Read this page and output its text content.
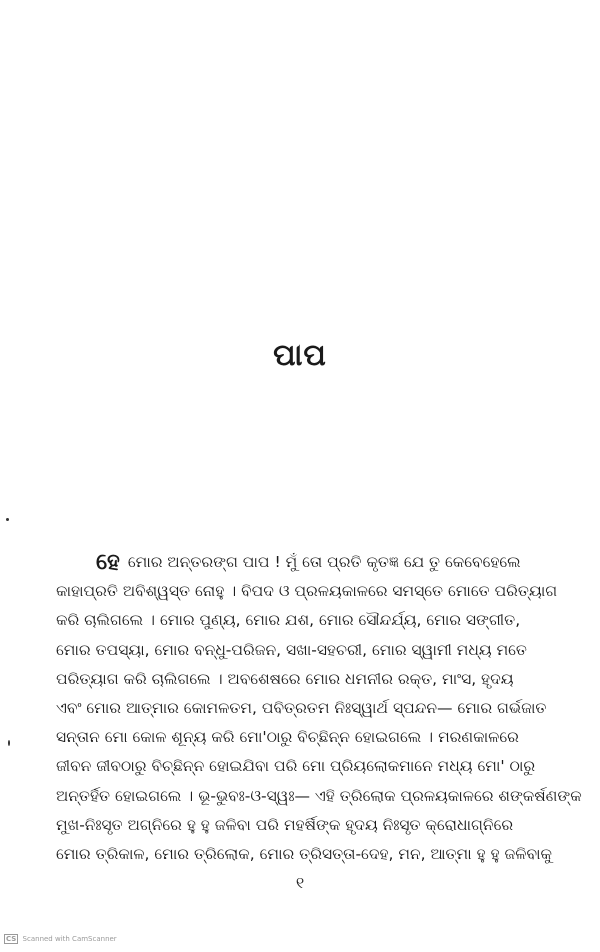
ପାପ
ହେ ମୋର ଅନ୍ତରଙ୍ଗ ପାପ ! ମୁଁ ତୋ ପ୍ରତି କୃତଜ୍ଞ ଯେ ତୁ କେବେହେଲେ
କାହାପ୍ରତି ଅବିଶ୍ୱସ୍ତ ନୋହୁ । ବିପଦ ଓ ପ୍ରଳୟକାଳରେ ସମସ୍ତେ ମୋତେ ପରିତ୍ୟାଗ
କରି ଚାଲିଗଲେ । ମୋର ପୁଣ୍ୟ, ମୋର ଯଶ, ମୋର ସୌନ୍ଦର୍ଯ୍ୟ, ମୋର ସଙ୍ଗୀତ,
ମୋର ତପସ୍ୟା, ମୋର ବନ୍ଧୁ-ପରିଜନ, ସଖା-ସହଚରୀ, ମୋର ସ୍ୱାମୀ ମଧ୍ୟ ମତେ
ପରିତ୍ୟାଗ କରି ଚାଲିଗଲେ । ଅବଶେଷରେ ମୋର ଧମନୀର ରକ୍ତ, ମାଂସ, ହୃଦୟ
ଏବଂ ମୋର ଆତ୍ମାର କୋମଳତମ, ପବିତ୍ରତମ ନିଃସ୍ୱାର୍ଥ ସ୍ପନ୍ଦନ— ମୋର ଗର୍ଭଜାତ
ସନ୍ତାନ ମୋ କୋଳ ଶୂନ୍ୟ କରି ମୋ'ଠାରୁ ବିଚ୍ଛିନ୍ନ ହୋଇଗଲେ । ମରଣକାଳରେ
ଜୀବନ ଜୀବଠାରୁ ବିଚ୍ଛିନ୍ନ ହୋଇଯିବା ପରି ମୋ ପ୍ରିୟଲୋକମାନେ ମଧ୍ୟ ମୋ' ଠାରୁ
ଅନ୍ତର୍ହିତ ହୋଇଗଲେ । ଭୂ-ଭୁବଃ-ଓ-ସ୍ୱଃ— ଏହି ତ୍ରିଲୋକ ପ୍ରଳୟକାଳରେ ଶଙ୍କର୍ଷଣଙ୍କ
ମୁଖ-ନିଃସୃତ ଅଗ୍ନିରେ ହୁ ହୁ ଜଳିବା ପରି ମହର୍ଷିଙ୍କ ହୃଦୟ ନିଃସୃତ କ୍ରୋଧାଗ୍ନିରେ
ମୋର ତ୍ରିକାଳ, ମୋର ତ୍ରିଲୋକ, ମୋର ତ୍ରିସତ୍ତା-ଦେହ, ମନ, ଆତ୍ମା ହୁ ହୁ ଜଳିବାକୁ
୧
CS Scanned with CamScanner
